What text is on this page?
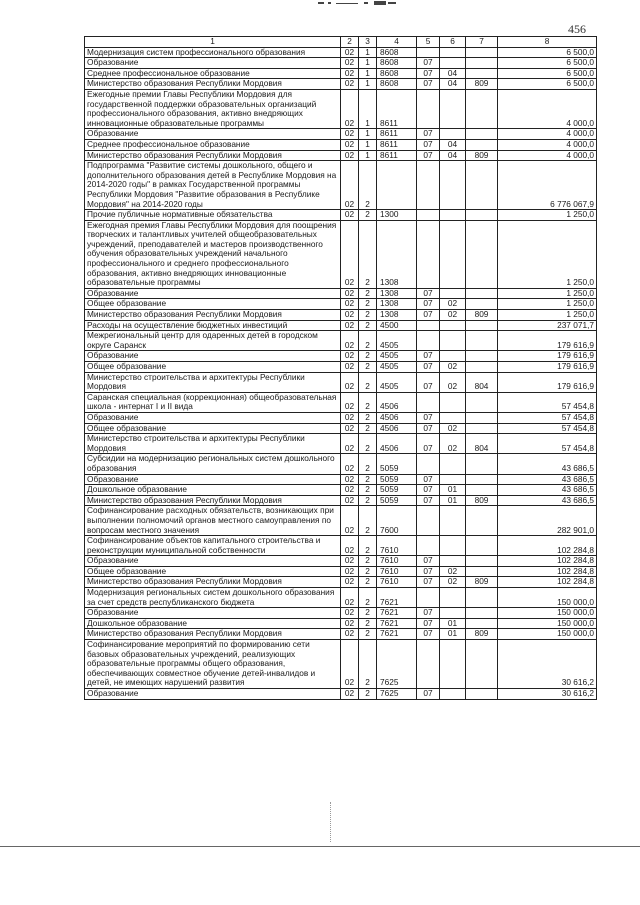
456
1	2	3	4	5	6	7	8
Модернизация систем профессионального образования	02	1	8608				6 500,0
Образование	02	1	8608	07			6 500,0
Среднее профессиональное образование	02	1	8608	07	04		6 500,0
Министерство образования Республики Мордовия	02	1	8608	07	04	809	6 500,0
Ежегодные премии Главы Республики Мордовия для государственной поддержки образовательных организаций профессионального образования, активно внедряющих инновационные образовательные программы	02	1	8611				4 000,0
Образование	02	1	8611	07			4 000,0
Среднее профессиональное образование	02	1	8611	07	04		4 000,0
Министерство образования Республики Мордовия	02	1	8611	07	04	809	4 000,0
Подпрограмма "Развитие системы дошкольного, общего и дополнительного образования детей в Республике Мордовия на 2014-2020 годы" в рамках Государственной программы Республики Мордовия "Развитие образования в Республике Мордовия" на 2014-2020 годы	02	2					6 776 067,9
Прочие публичные нормативные обязательства	02	2	1300				1 250,0
Ежегодная премия Главы Республики Мордовия для поощрения творческих и талантливых учителей общеобразовательных учреждений, преподавателей и мастеров производственного обучения образовательных учреждений начального профессионального и среднего профессионального образования, активно внедряющих инновационные образовательные программы	02	2	1308				1 250,0
Образование	02	2	1308	07			1 250,0
Общее образование	02	2	1308	07	02		1 250,0
Министерство образования Республики Мордовия	02	2	1308	07	02	809	1 250,0
Расходы на осуществление бюджетных инвестиций	02	2	4500				237 071,7
Межрегиональный центр для одаренных детей в городском округе Саранск	02	2	4505				179 616,9
Образование	02	2	4505	07			179 616,9
Общее образование	02	2	4505	07	02		179 616,9
Министерство строительства и архитектуры Республики Мордовия	02	2	4505	07	02	804	179 616,9
Саранская специальная (коррекционная) общеобразовательная школа - интернат I и II вида	02	2	4506				57 454,8
Образование	02	2	4506	07			57 454,8
Общее образование	02	2	4506	07	02		57 454,8
Министерство строительства и архитектуры Республики Мордовия	02	2	4506	07	02	804	57 454,8
Субсидии на модернизацию региональных систем дошкольного образования	02	2	5059				43 686,5
Образование	02	2	5059	07			43 686,5
Дошкольное образование	02	2	5059	07	01		43 686,5
Министерство образования Республики Мордовия	02	2	5059	07	01	809	43 686,5
Софинансирование расходных обязательств, возникающих при выполнении полномочий органов местного самоуправления по вопросам местного значения	02	2	7600				282 901,0
Софинансирование объектов капитального строительства и реконструкции муниципальной собственности	02	2	7610				102 284,8
Образование	02	2	7610	07			102 284,8
Общее образование	02	2	7610	07	02		102 284,8
Министерство образования Республики Мордовия	02	2	7610	07	02	809	102 284,8
Модернизация региональных систем дошкольного образования за счет средств республиканского бюджета	02	2	7621				150 000,0
Образование	02	2	7621	07			150 000,0
Дошкольное образование	02	2	7621	07	01		150 000,0
Министерство образования Республики Мордовия	02	2	7621	07	01	809	150 000,0
Софинансирование мероприятий по формированию сети базовых образовательных учреждений, реализующих образовательные программы общего образования, обеспечивающих совместное обучение детей-инвалидов и детей, не имеющих нарушений развития	02	2	7625				30 616,2
Образование	02	2	7625	07			30 616,2
